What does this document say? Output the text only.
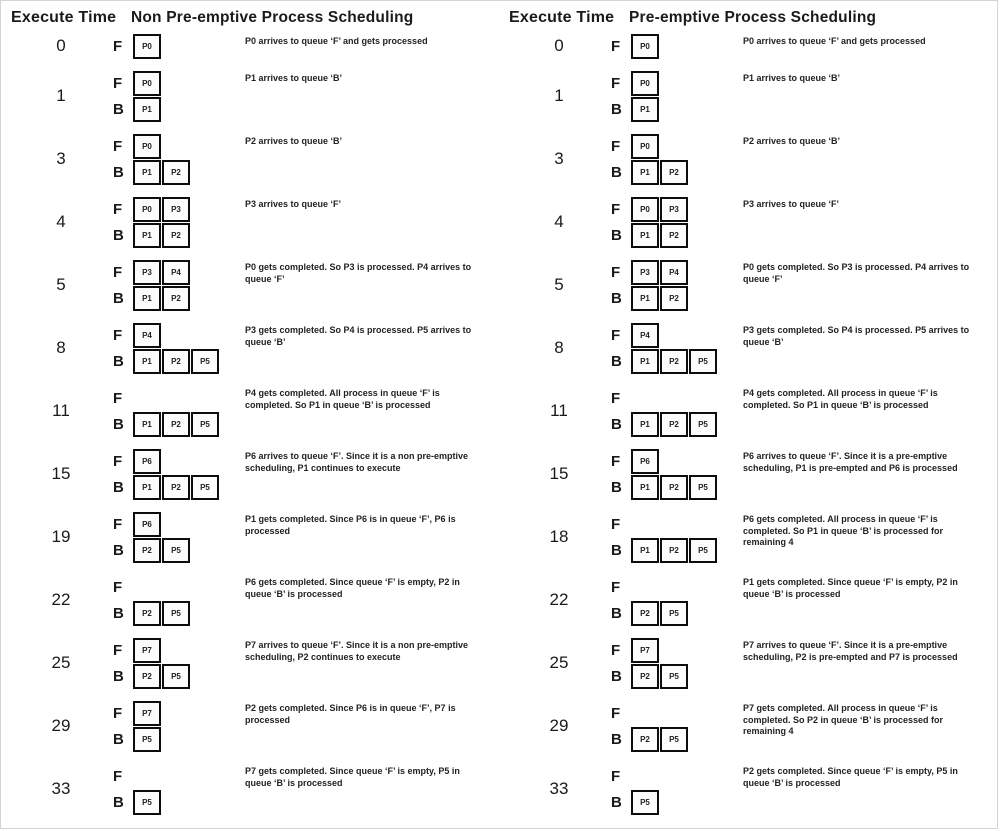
Execute Time Non Pre-emptive Process Scheduling
0	F	P0	P0 arrives to queue ‘F’ and gets processed
1
F	P0
B	P1
P1 arrives to queue ‘B’
3
F	P0
B	P1	P2
P2 arrives to queue ‘B’
4
F	P0	P3
B	P1	P2
P3 arrives to queue ‘F’
5
F	P3	P4
B	P1	P2
P0 gets completed. So P3 is processed. P4 arrives to queue ‘F’
8
F	P4
B	P1	P2	P5
P3 gets completed. So P4 is processed. P5 arrives to queue ‘B’
11
F
B	P1	P2	P5
P4 gets completed. All process in queue ‘F’ is completed. So P1 in queue ‘B’ is processed
15
F	P6
B	P1	P2	P5
P6 arrives to queue ‘F’. Since it is a non pre-emptive scheduling, P1 continues to execute
19
F	P6
B	P2	P5
P1 gets completed. Since P6 is in queue ‘F’, P6 is processed
22
F
B	P2	P5
P6 gets completed. Since queue ‘F’ is empty, P2 in queue ‘B’ is processed
25
F	P7
B	P2	P5
P7 arrives to queue ‘F’. Since it is a non pre-emptive scheduling, P2 continues to execute
29
F	P7
B	P5
P2 gets completed. Since P6 is in queue ‘F’, P7 is processed
33
F
B	P5
P7 gets completed. Since queue ‘F’ is empty, P5 in queue ‘B’ is processed
Execute Time Pre-emptive Process Scheduling
0	F	P0	P0 arrives to queue ‘F’ and gets processed
1
F	P0
B	P1
P1 arrives to queue ‘B’
3
F	P0
B	P1	P2
P2 arrives to queue ‘B’
4
F	P0	P3
B	P1	P2
P3 arrives to queue ‘F’
5
F	P3	P4
B	P1	P2
P0 gets completed. So P3 is processed. P4 arrives to queue ‘F’
8
F	P4
B	P1	P2	P5
P3 gets completed. So P4 is processed. P5 arrives to queue ‘B’
11
F
B	P1	P2	P5
P4 gets completed. All process in queue ‘F’ is completed. So P1 in queue ‘B’ is processed
15
F	P6
B	P1	P2	P5
P6 arrives to queue ‘F’. Since it is a pre-emptive scheduling, P1 is pre-empted and P6 is processed
18
F
B	P1	P2	P5
P6 gets completed. All process in queue ‘F’ is completed. So P1 in queue ‘B’ is processed for remaining 4
22
F
B	P2	P5
P1 gets completed. Since queue ‘F’ is empty, P2 in queue ‘B’ is processed
25
F	P7
B	P2	P5
P7 arrives to queue ‘F’. Since it is a pre-emptive scheduling, P2 is pre-empted and P7 is processed
29
F
B	P2	P5
P7 gets completed. All process in queue ‘F’ is completed. So P2 in queue ‘B’ is processed for remaining 4
33
F
B	P5
P2 gets completed. Since queue ‘F’ is empty, P5 in queue ‘B’ is processed
